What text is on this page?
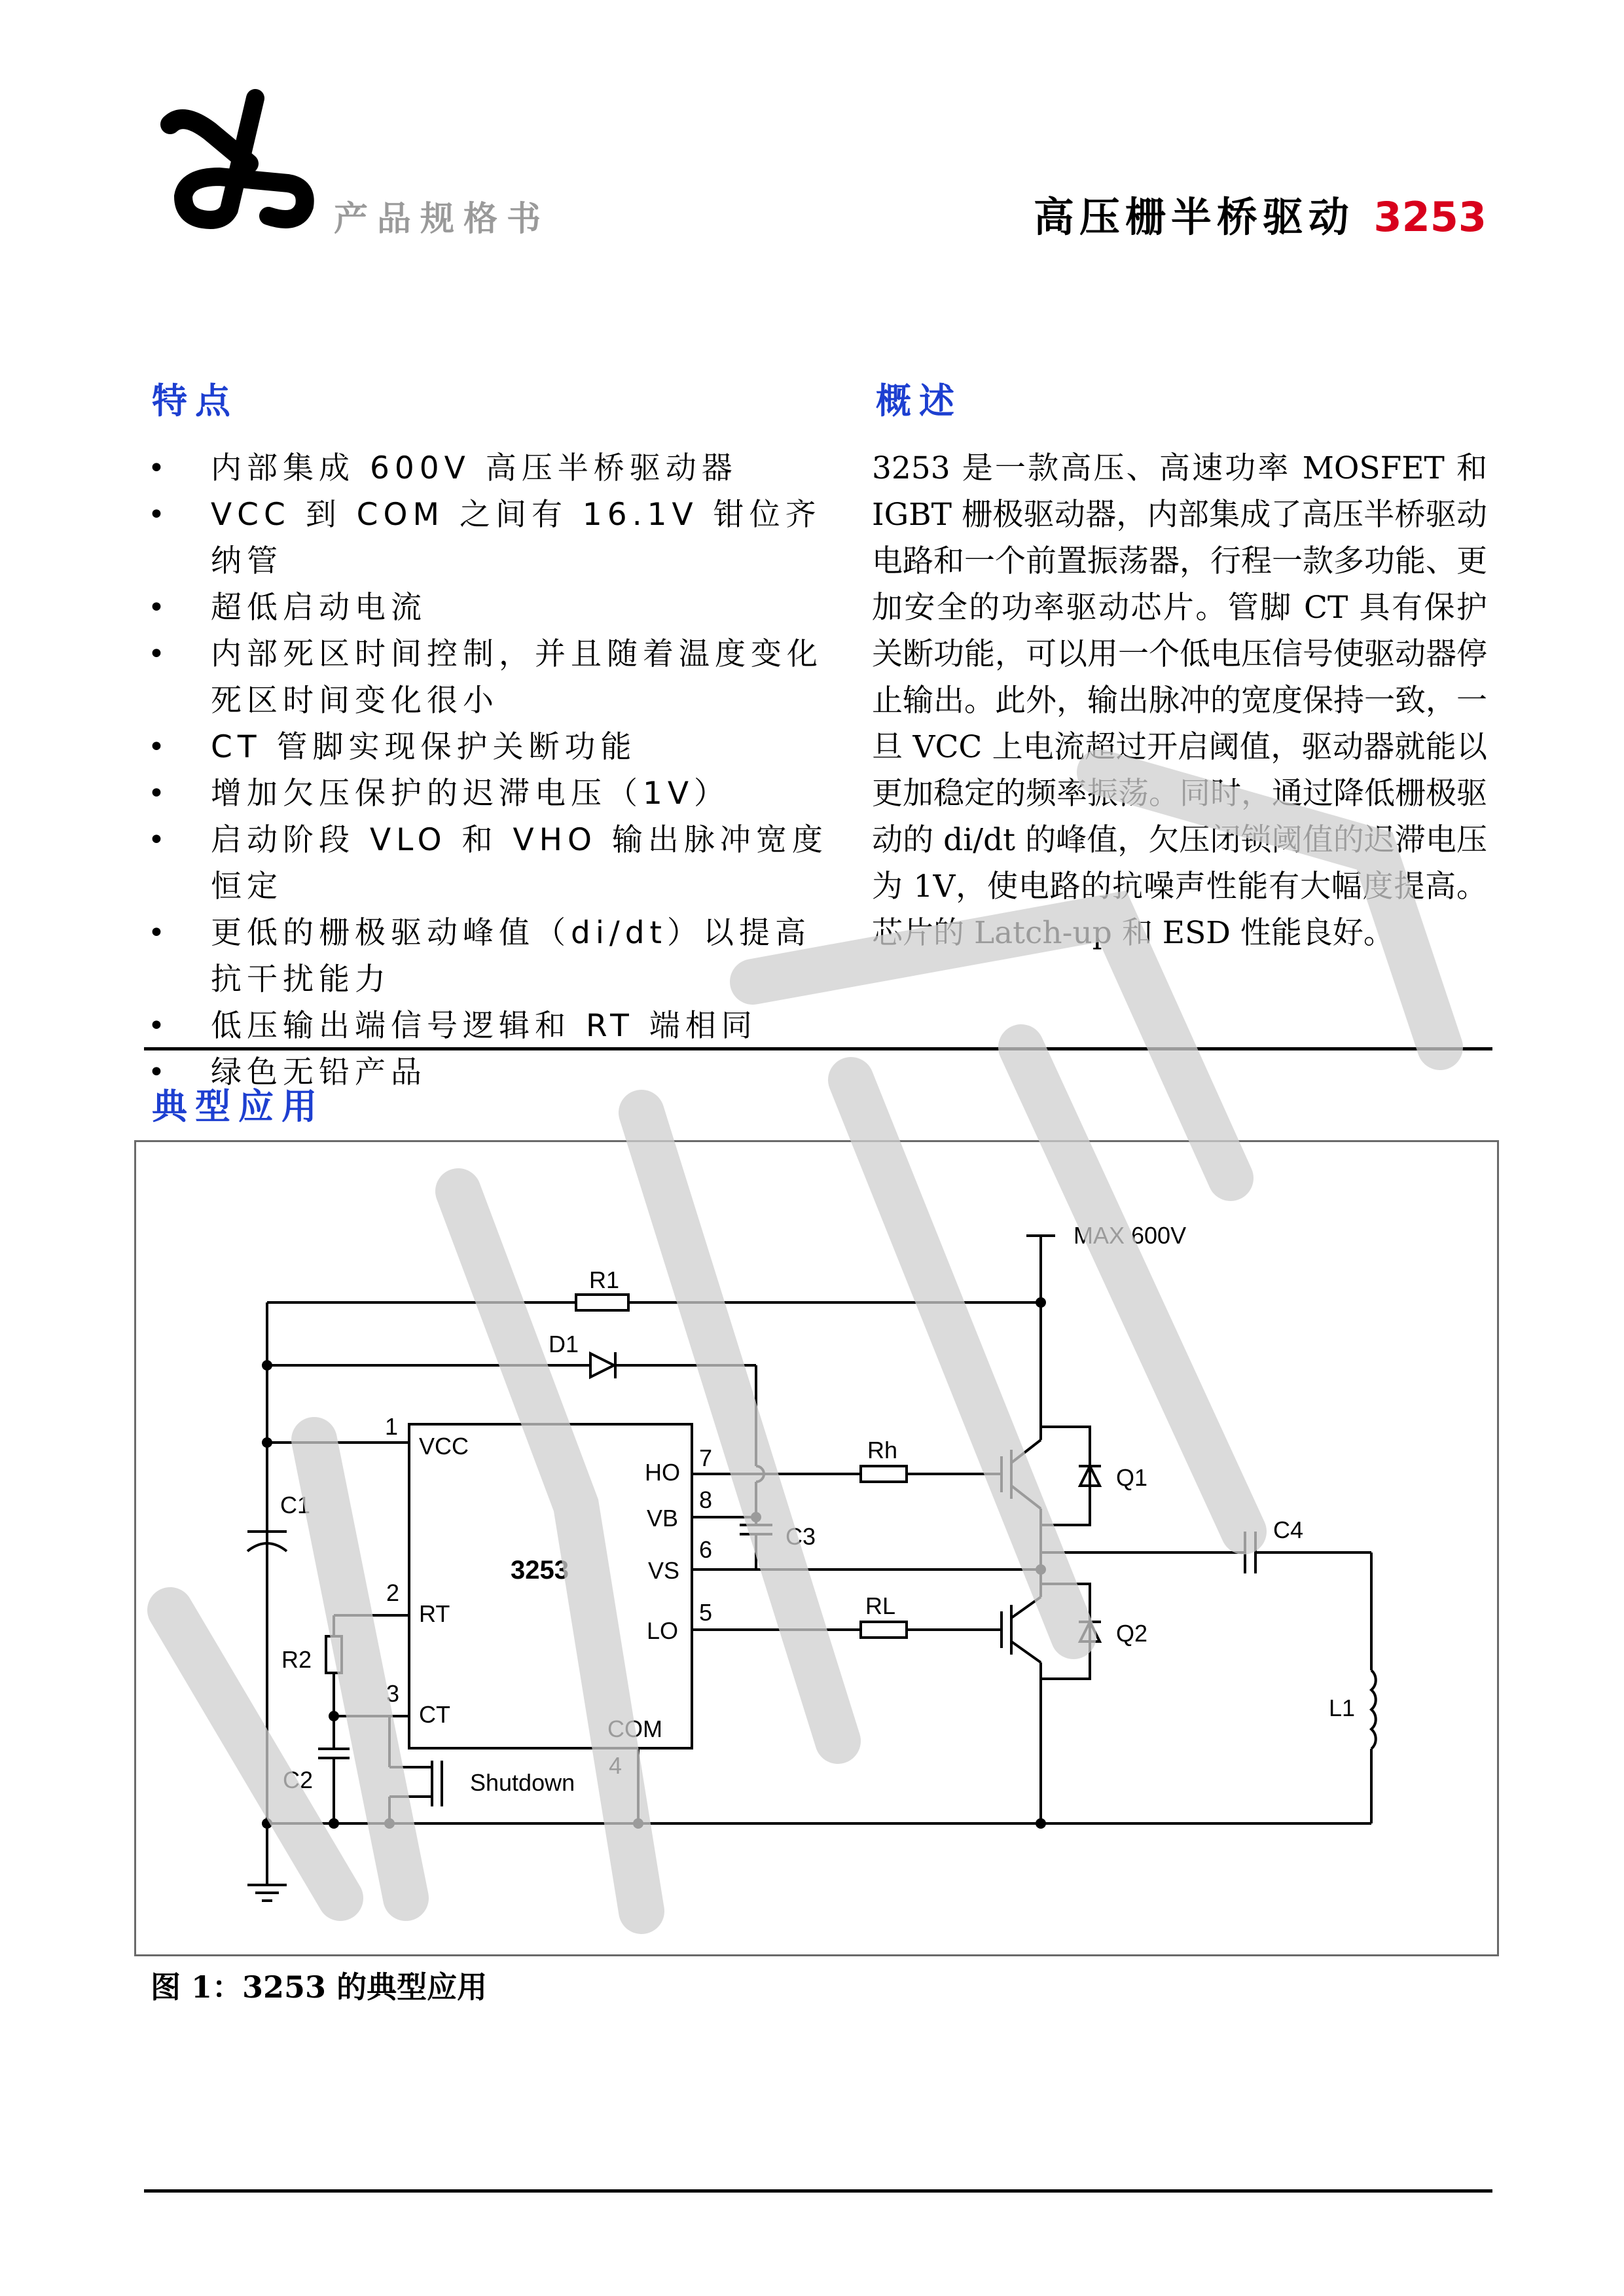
产品规格书	高压栅半桥驱动 3253
特点
• 内部集成 600V 高压半桥驱动器
• VCC 到 COM 之间有 16.1V 钳位齐纳管
• 超低启动电流
• 内部死区时间控制，并且随着温度变化死区时间变化很小
• CT 管脚实现保护关断功能
• 增加欠压保护的迟滞电压（1V）
• 启动阶段 VLO 和 VHO 输出脉冲宽度恒定
• 更低的栅极驱动峰值（di/dt）以提高抗干扰能力
• 低压输出端信号逻辑和 RT 端相同
• 绿色无铅产品
概述

3253 是一款高压、高速功率 MOSFET 和 IGBT 栅极驱动器，内部集成了高压半桥驱动电路和一个前置振荡器，行程一款多功能、更加安全的功率驱动芯片。管脚 CT 具有保护关断功能，可以用一个低电压信号使驱动器停止输出。此外，输出脉冲的宽度保持一致，一旦 VCC 上电流超过开启阈值，驱动器就能以更加稳定的频率振荡。同时，通过降低栅极驱动的 di/dt 的峰值，欠压闭锁阈值的迟滞电压为 1V，使电路的抗噪声性能有大幅度提高。芯片的 Latch-up 和 ESD 性能良好。

典型应用
MAX 600V
R1
D1
C1
3253
VCC
1
RT
2
CT
3
COM
4
HO
7
VB
8
VS
6
LO
5
Rh
C3
RL
Q1
Q2
C4
L1
R2
C2	Shutdown
图 1：3253 的典型应用
